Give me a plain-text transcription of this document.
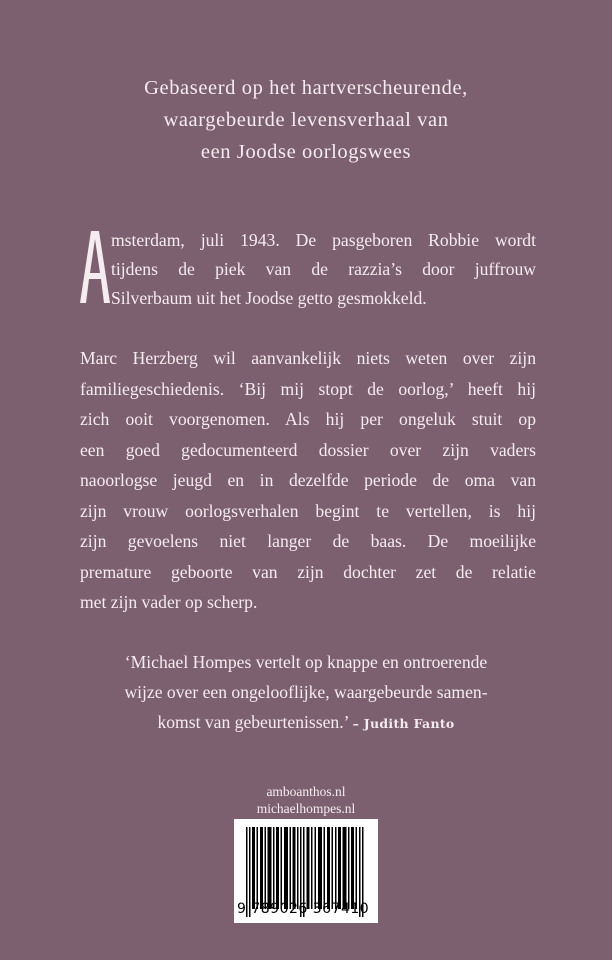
Gebaseerd op het hartverscheurende,
waargebeurde levensverhaal van
een Joodse oorlogswees
msterdam, juli 1943. De pasgeboren Robbie wordt
tijdens de piek van de razzia’s door juffrouw
Silverbaum uit het Joodse getto gesmokkeld.
Marc Herzberg wil aanvankelijk niets weten over zijn
familiegeschiedenis. ‘Bij mij stopt de oorlog,’ heeft hij
zich ooit voorgenomen. Als hij per ongeluk stuit op
een goed gedocumenteerd dossier over zijn vaders
naoorlogse jeugd en in dezelfde periode de oma van
zijn vrouw oorlogsverhalen begint te vertellen, is hij
zijn gevoelens niet langer de baas. De moeilijke
premature geboorte van zijn dochter zet de relatie
met zijn vader op scherp.
‘Michael Hompes vertelt op knappe en ontroerende
wijze over een ongelooflijke, waargebeurde samen-
komst van gebeurtenissen.’ – Judith Fanto
amboanthos.nl
michaelhompes.nl
9 789026 367410
